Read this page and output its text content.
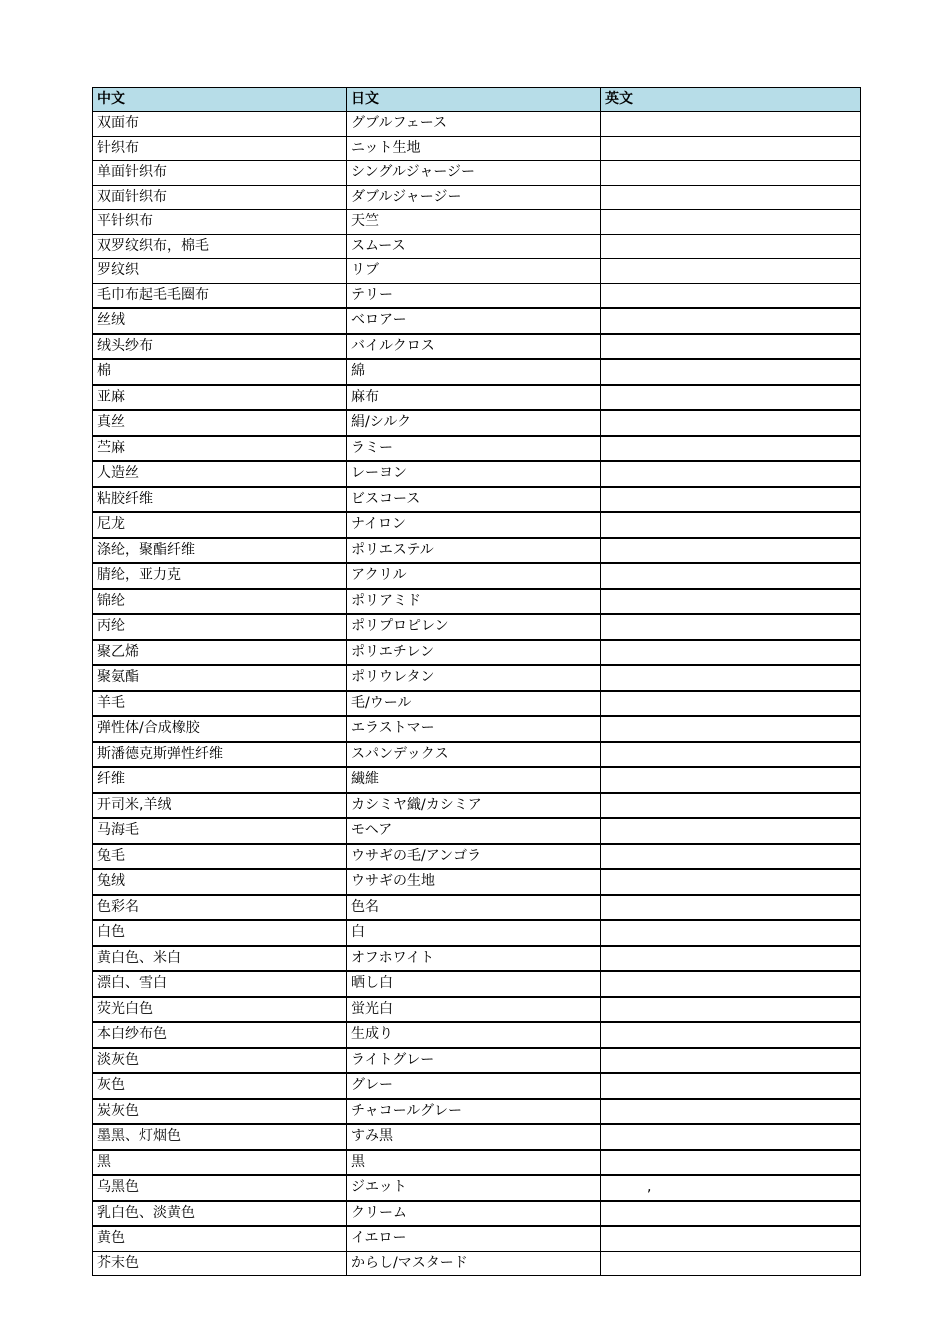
中文	日文	英文
双面布	グブルフェース	

针织布	ニット生地	

单面针织布	シングルジャージー	

双面针织布	ダブルジャージー	

平针织布	天竺	

双罗纹织布，棉毛	スムース	

罗纹织	リブ	

毛巾布起毛毛圈布	テリー	

丝绒	ベロアー	

绒头纱布	バイルクロス	

棉	綿	

亚麻	麻布	

真丝	絹/シルク	

苎麻	ラミー	

人造丝	レーヨン	

粘胶纤维	ビスコース	

尼龙	ナイロン	

涤纶，聚酯纤维	ポリエステル	

腈纶，亚力克	アクリル	

锦纶	ポリアミド	

丙纶	ポリプロピレン	

聚乙烯	ポリエチレン	

聚氨酯	ポリウレタン	

羊毛	毛/ウール	

弹性体/合成橡胶	エラストマー	

斯潘德克斯弹性纤维	スパンデックス	

纤维	繊維	

开司米,羊绒	カシミヤ織/カシミア	

马海毛	モヘア	

兔毛	ウサギの毛/アンゴラ	

兔绒	ウサギの生地	

色彩名	色名	

白色	白	

黄白色、米白	オフホワイト	

漂白、雪白	晒し白	

荧光白色	蛍光白	

本白纱布色	生成り	

淡灰色	ライトグレー	

灰色	グレー	

炭灰色	チャコールグレー	

墨黑、灯烟色	すみ黒	

黑	黒	

乌黑色	ジエット	,

乳白色、淡黄色	クリーム	

黄色	イエロー	

芥末色	からし/マスタード	
